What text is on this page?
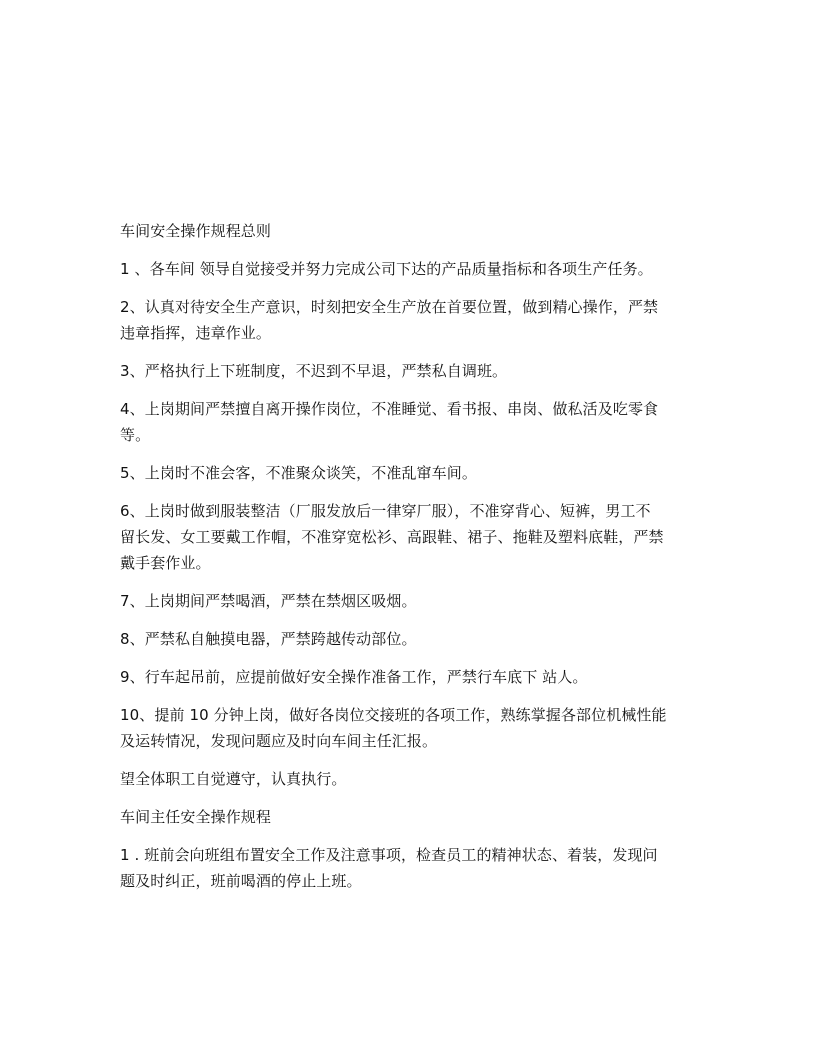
车间安全操作规程总则

1 、各车间 领导自觉接受并努力完成公司下达的产品质量指标和各项生产任务。

2、认真对待安全生产意识，时刻把安全生产放在首要位置，做到精心操作，严禁
违章指挥，违章作业。

3、严格执行上下班制度，不迟到不早退，严禁私自调班。

4、上岗期间严禁擅自离开操作岗位，不准睡觉、看书报、串岗、做私活及吃零食
等。

5、上岗时不准会客，不准聚众谈笑，不准乱窜车间。

6、上岗时做到服装整洁（厂服发放后一律穿厂服），不准穿背心、短裤，男工不
留长发、女工要戴工作帽，不准穿宽松衫、高跟鞋、裙子、拖鞋及塑料底鞋，严禁
戴手套作业。

7、上岗期间严禁喝酒，严禁在禁烟区吸烟。

8、严禁私自触摸电器，严禁跨越传动部位。

9、行车起吊前，应提前做好安全操作准备工作，严禁行车底下 站人。

10、提前 10 分钟上岗，做好各岗位交接班的各项工作，熟练掌握各部位机械性能
及运转情况，发现问题应及时向车间主任汇报。

望全体职工自觉遵守，认真执行。

车间主任安全操作规程

1 . 班前会向班组布置安全工作及注意事项，检查员工的精神状态、着装，发现问
题及时纠正，班前喝酒的停止上班。
